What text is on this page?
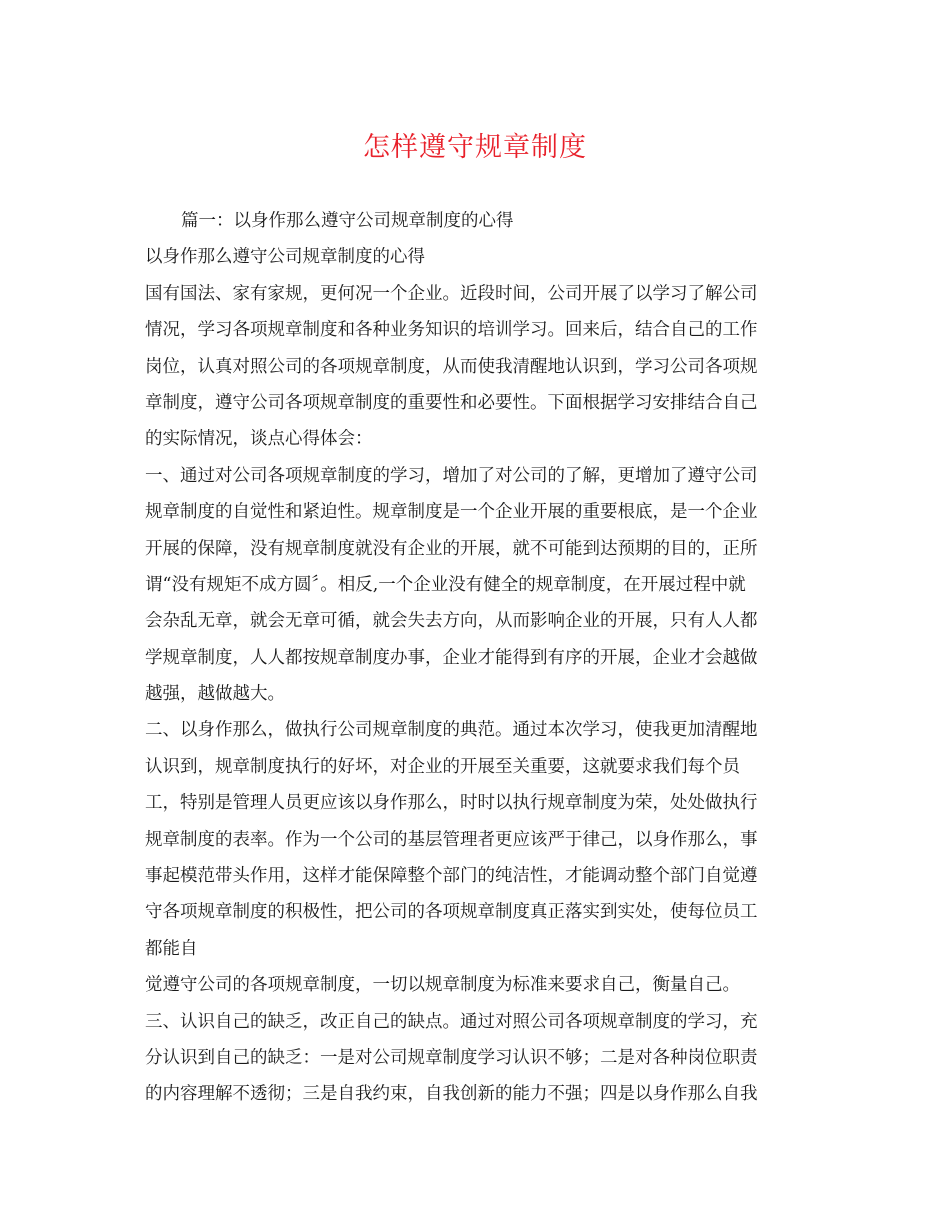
怎样遵守规章制度
篇一：以身作那么遵守公司规章制度的心得
以身作那么遵守公司规章制度的心得
国有国法、家有家规，更何况一个企业。近段时间，公司开展了以学习了解公司
情况，学习各项规章制度和各种业务知识的培训学习。回来后，结合自己的工作
岗位，认真对照公司的各项规章制度，从而使我清醒地认识到，学习公司各项规
章制度，遵守公司各项规章制度的重要性和必要性。下面根据学习安排结合自己
的实际情况，谈点心得体会：
一、通过对公司各项规章制度的学习，增加了对公司的了解，更增加了遵守公司
规章制度的自觉性和紧迫性。规章制度是一个企业开展的重要根底，是一个企业
开展的保障，没有规章制度就没有企业的开展，就不可能到达预期的目的，正所
谓“没有规矩不成方圆〞。相反,一个企业没有健全的规章制度，在开展过程中就
会杂乱无章，就会无章可循，就会失去方向，从而影响企业的开展，只有人人都
学规章制度，人人都按规章制度办事，企业才能得到有序的开展，企业才会越做
越强，越做越大。
二、以身作那么，做执行公司规章制度的典范。通过本次学习，使我更加清醒地
认识到，规章制度执行的好坏，对企业的开展至关重要，这就要求我们每个员
工，特别是管理人员更应该以身作那么，时时以执行规章制度为荣，处处做执行
规章制度的表率。作为一个公司的基层管理者更应该严于律己，以身作那么，事
事起模范带头作用，这样才能保障整个部门的纯洁性，才能调动整个部门自觉遵
守各项规章制度的积极性，把公司的各项规章制度真正落实到实处，使每位员工
都能自
觉遵守公司的各项规章制度，一切以规章制度为标准来要求自己，衡量自己。
三、认识自己的缺乏，改正自己的缺点。通过对照公司各项规章制度的学习，充
分认识到自己的缺乏：一是对公司规章制度学习认识不够；二是对各种岗位职责
的内容理解不透彻；三是自我约束，自我创新的能力不强；四是以身作那么自我
